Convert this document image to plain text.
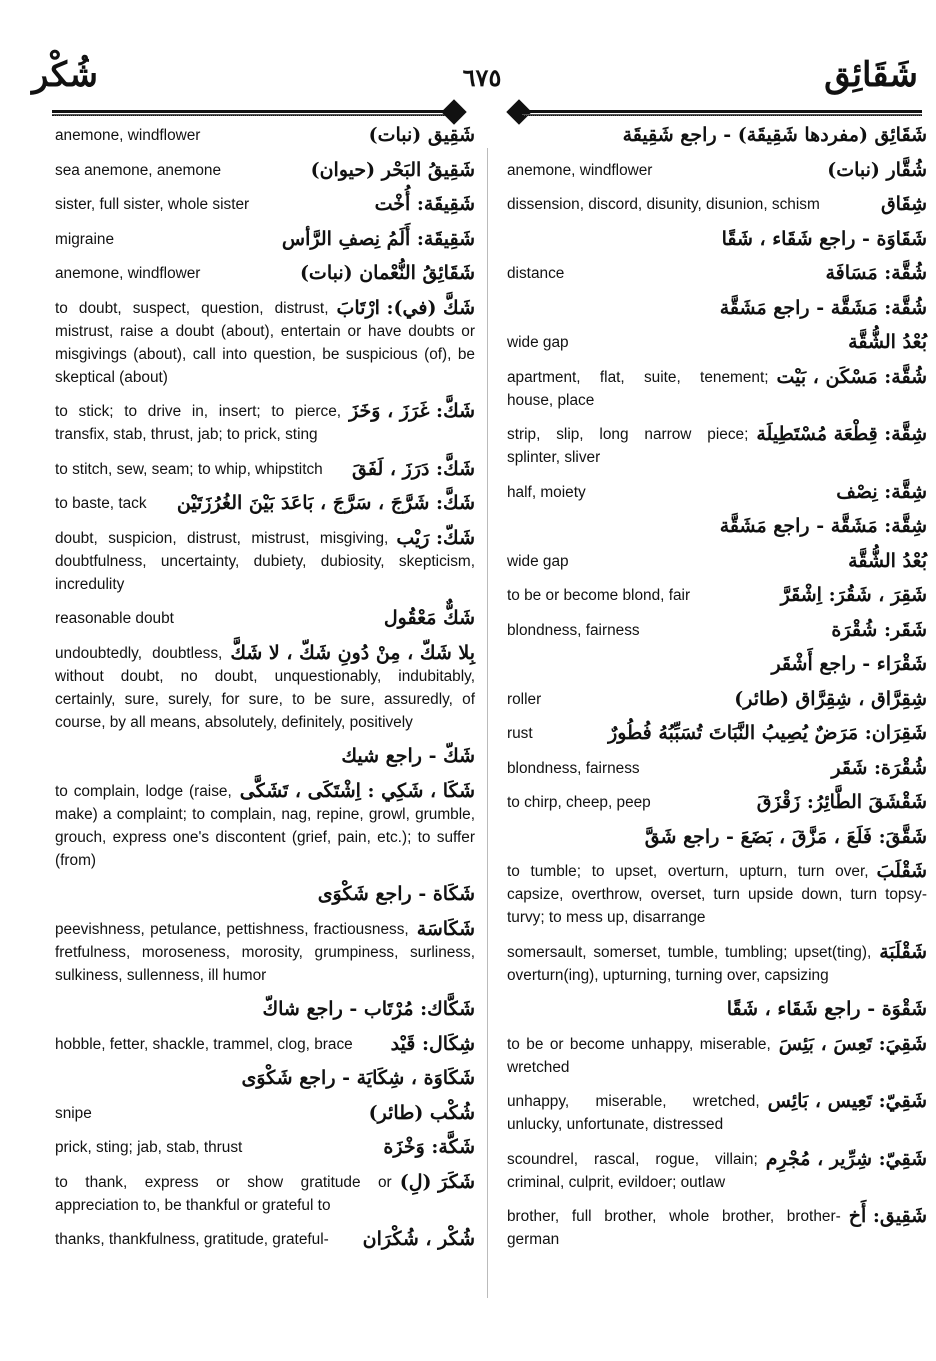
شُكْر	٦٧٥	شَقَائِق
شَقِيق (نبات)
anemone, windflower
شَقِيقُ البَحْر (حيوان)
sea anemone, anemone
شَقِيقَة: أُخْت
sister, full sister, whole sister
شَقِيقَة: أَلَمُ نِصفِ الرَّأس
migraine
شَقَائِقُ النُّعْمان (نبات)
anemone, windflower
شَكَّ (في): ارْتَابَ
to doubt, suspect, question, distrust, mistrust, raise a doubt (about), entertain or have doubts or misgivings (about), call into question, be suspicious (of), be skeptical (about)
شَكَّ: غَرَزَ ، وَخَزَ
to stick; to drive in, insert; to pierce, transfix, stab, thrust, jab; to prick, sting
شَكَّ: دَرَزَ ، لَفَقَ
to stitch, sew, seam; to whip, whipstitch
شَكَّ: شَرَّجَ ، سَرَّجَ ، بَاعَدَ بَيْنَ الغُرُزَتَيْن
to baste, tack
شَكّ: رَيْب
doubt, suspicion, distrust, mistrust, misgiving, doubtfulness, uncertainty, dubiety, dubiosity, skepticism, incredulity
شَكٌّ مَعْقُول
reasonable doubt
بِلا شَكّ ، مِنْ دُونِ شَكّ ، لا شَكَّ
undoubtedly, doubtless, without doubt, no doubt, unquestionably, indubitably, certainly, sure, surely, for sure, to be sure, assuredly, of course, by all means, absolutely, definitely, positively
شَكّ - راجع شيك
شَكَا ، شَكِي : اِشْتَكَى ، تَشَكَّى
to complain, lodge (raise, make) a complaint; to complain, nag, repine, growl, grumble, grouch, express one's discontent (grief, pain, etc.); to suffer (from)
شَكَاة - راجع شَكْوَى
شَكَاسَة
peevishness, petulance, pettishness, fractiousness, fretfulness, moroseness, morosity, grumpiness, surliness, sulkiness, sullenness, ill humor
شَكَّاك: مُرْتَاب - راجع شاكّ
شِكَال: قَيْد
hobble, fetter, shackle, trammel, clog, brace
شَكَاوَة ، شِكَايَة - راجع شَكْوَى
شُكْب (طائر)
snipe
شَكَّة: وَخْزَة
prick, sting; jab, stab, thrust
شَكَرَ (لِ)
to thank, express or show gratitude or appreciation to, be thankful or grateful to
شُكْر ، شُكْرَان
thanks, thankfulness, gratitude, grateful-
شَقَائِق (مفردها شَقِيقَة) - راجع شَقِيقَة
شُقَّار (نبات)
anemone, windflower
شِقَاق
dissension, discord, disunity, disunion, schism
شَقَاوَة - راجع شَقَاء ، شَقًا
شُقَّة: مَسَافَة
distance
شُقَّة: مَشَقَّة - راجع مَشَقَّة
بُعْدُ الشُّقَّة
wide gap
شُقَّة: مَسْكَن ، بَيْت
apartment, flat, suite, tenement; house, place
شِقَّة: قِطْعَة مُسْتَطِيلَة
strip, slip, long narrow piece; splinter, sliver
شِقَّة: نِصْف
half, moiety
شِقَّة: مَشَقَّة - راجع مَشَقَّة
بُعْدُ الشُّقَّة
wide gap
شَقِرَ ، شَقُرَ: اِشْقَرَّ
to be or become blond, fair
شَقَر: شُقْرَة
blondness, fairness
شَقْرَاء - راجع أَشْقَر
شِقِرَّاق ، شِقِرَّاق (طائر)
roller
شَقِرَان: مَرَضٌ يُصِيبُ النَّبَاتَ تُسَبِّبُهُ فُطُورٌ
rust
شُقْرَة: شَقَر
blondness, fairness
شَقْشَقَ الطَّائِرُ: زَقْزَقَ
to chirp, cheep, peep
شَقَّقَ: فَلَعَ ، مَزَّقَ ، بَضَعَ - راجع شَقَّ
شَقْلَبَ
to tumble; to upset, overturn, upturn, turn over, capsize, overthrow, overset, turn upside down, turn topsy-turvy; to mess up, disarrange
شَقْلَبَة
somersault, somerset, tumble, tumbling; upset(ting), overturn(ing), upturning, turning over, capsizing
شَقْوَة - راجع شَقَاء ، شَقًا
شَقِيَ: تَعِسَ ، بَئِسَ
to be or become unhappy, miserable, wretched
شَقِيّ: تَعِيس ، بَائِس
unhappy, miserable, wretched, unlucky, unfortunate, distressed
شَقِيّ: شِرِّير ، مُجْرِم
scoundrel, rascal, rogue, villain; criminal, culprit, evildoer; outlaw
شَقِيق: أَخ
brother, full brother, whole brother, brother-german
